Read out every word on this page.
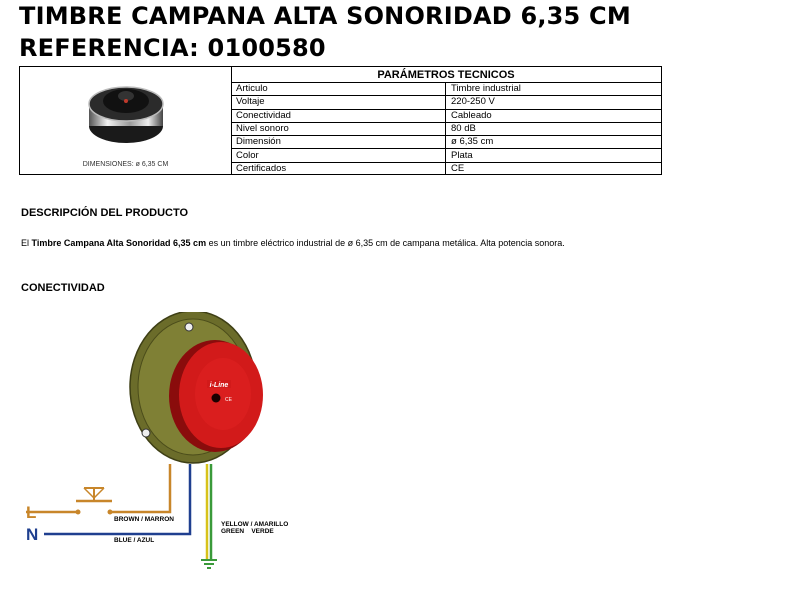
TIMBRE CAMPANA ALTA SONORIDAD 6,35 CM
REFERENCIA: 0100580
DIMENSIONES: ø 6,35 CM
PARÁMETROS TECNICOS	
Articulo	Timbre industrial
Voltaje	220-250 V
Conectividad	Cableado
Nivel sonoro	80 dB
Dimensión	ø 6,35 cm
Color	Plata
Certificados	CE
DESCRIPCIÓN DEL PRODUCTO
El Timbre Campana Alta Sonoridad 6,35 cm es un timbre eléctrico industrial de ø 6,35 cm de campana metálica. Alta potencia sonora.
CONECTIVIDAD
i-Line
CE
L
N
BROWN / MARRON
BLUE / AZUL
YELLOW / AMARILLO
GREEN    VERDE
